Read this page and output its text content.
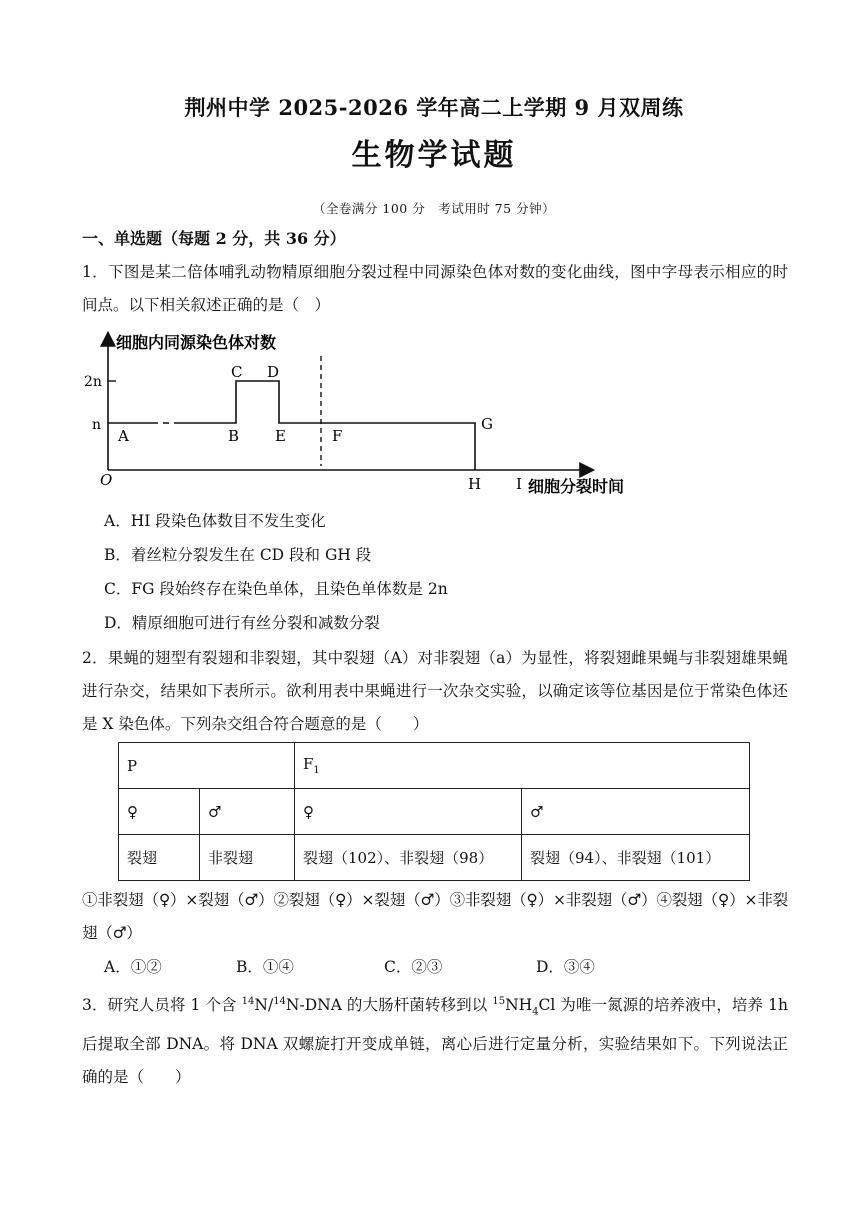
荆州中学 2025-2026 学年高二上学期 9 月双周练
生物学试题
（全卷满分 100 分　考试用时 75 分钟）
一、单选题（每题 2 分，共 36 分）
1．下图是某二倍体哺乳动物精原细胞分裂过程中同源染色体对数的变化曲线，图中字母表示相应的时间点。以下相关叙述正确的是（　）
细胞内同源染色体对数
2n
n
O
A	B
C D
E	F
G
H I 细胞分裂时间
A．HI 段染色体数目不发生变化
B．着丝粒分裂发生在 CD 段和 GH 段
C．FG 段始终存在染色单体，且染色单体数是 2n
D．精原细胞可进行有丝分裂和减数分裂
2．果蝇的翅型有裂翅和非裂翅，其中裂翅（A）对非裂翅（a）为显性，将裂翅雌果蝇与非裂翅雄果蝇进行杂交，结果如下表所示。欲利用表中果蝇进行一次杂交实验，以确定该等位基因是位于常染色体还是 X 染色体。下列杂交组合符合题意的是（　　）
P		$F_1$
♀	♂	♀	♂
裂翅	非裂翅	裂翅（102）、非裂翅（98）	裂翅（94）、非裂翅（101）
①非裂翅（♀）×裂翅（♂）②裂翅（♀）×裂翅（♂）③非裂翅（♀）×非裂翅（♂）④裂翅（♀）×非裂翅（♂）
A．①②	B．①④	C．②③	D．③④
3．研究人员将 1 个含 $^{14}$N/$^{14}$N-DNA 的大肠杆菌转移到以 $^{15}NH_4Cl$ 为唯一氮源的培养液中，培养 1h 后提取全部 DNA。将 DNA 双螺旋打开变成单链，离心后进行定量分析，实验结果如下。下列说法正确的是（　　）
